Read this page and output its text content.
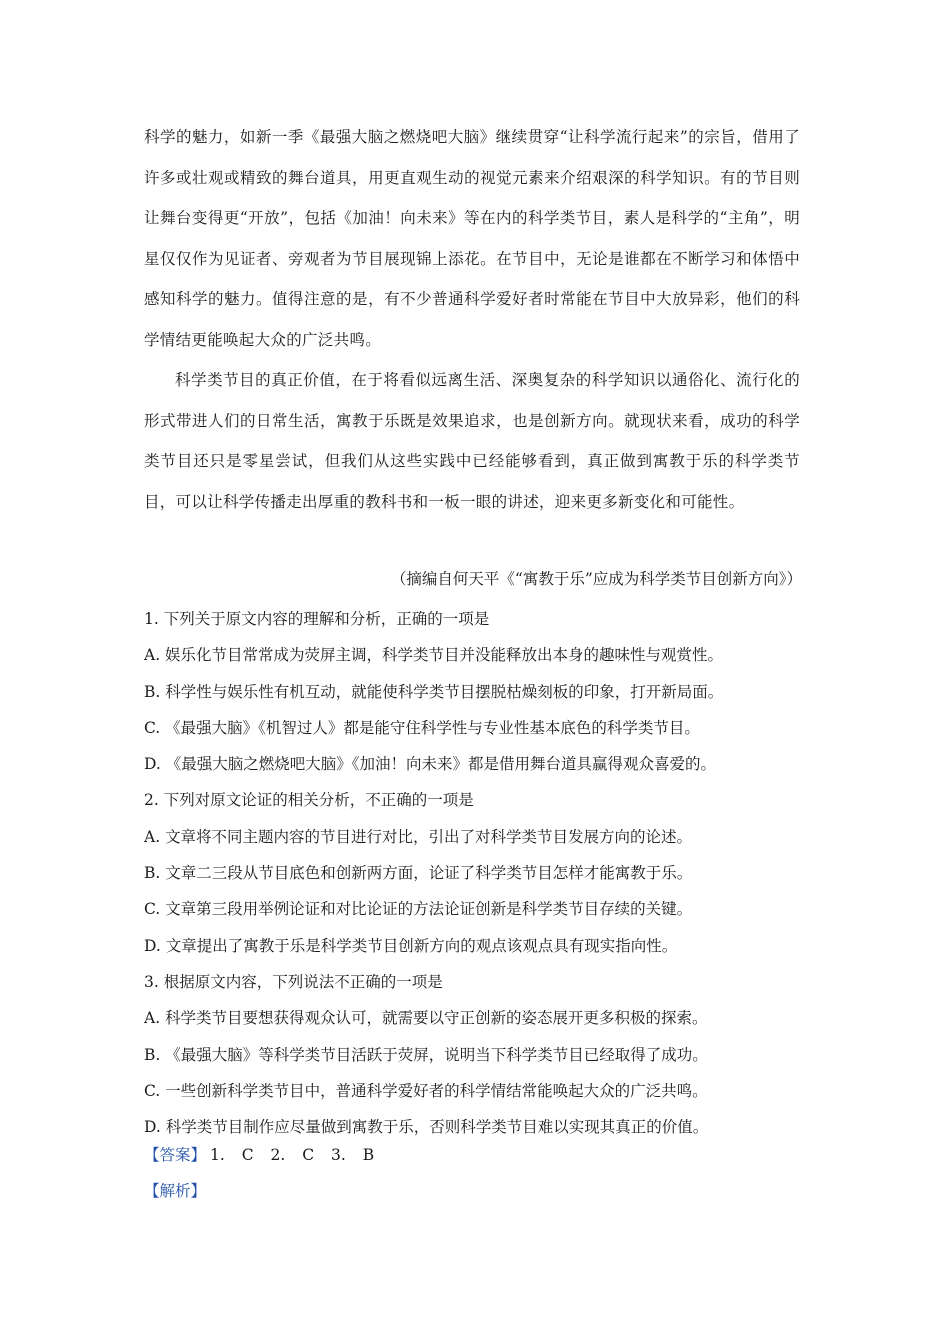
科学的魅力，如新一季《最强大脑之燃烧吧大脑》继续贯穿“让科学流行起来”的宗旨，借用了许多或壮观或精致的舞台道具，用更直观生动的视觉元素来介绍艰深的科学知识。有的节目则让舞台变得更“开放”，包括《加油！向未来》等在内的科学类节目，素人是科学的“主角”，明星仅仅作为见证者、旁观者为节目展现锦上添花。在节目中，无论是谁都在不断学习和体悟中感知科学的魅力。值得注意的是，有不少普通科学爱好者时常能在节目中大放异彩，他们的科学情结更能唤起大众的广泛共鸣。
科学类节目的真正价值，在于将看似远离生活、深奥复杂的科学知识以通俗化、流行化的形式带进人们的日常生活，寓教于乐既是效果追求，也是创新方向。就现状来看，成功的科学类节目还只是零星尝试，但我们从这些实践中已经能够看到，真正做到寓教于乐的科学类节目，可以让科学传播走出厚重的教科书和一板一眼的讲述，迎来更多新变化和可能性。
（摘编自何天平《“寓教于乐”应成为科学类节目创新方向》）
1. 下列关于原文内容的理解和分析，正确的一项是
A. 娱乐化节目常常成为荧屏主调，科学类节目并没能释放出本身的趣味性与观赏性。
B. 科学性与娱乐性有机互动，就能使科学类节目摆脱枯燥刻板的印象，打开新局面。
C. 《最强大脑》《机智过人》都是能守住科学性与专业性基本底色的科学类节目。
D. 《最强大脑之燃烧吧大脑》《加油！向未来》都是借用舞台道具赢得观众喜爱的。
2. 下列对原文论证的相关分析，不正确的一项是
A. 文章将不同主题内容的节目进行对比，引出了对科学类节目发展方向的论述。
B. 文章二三段从节目底色和创新两方面，论证了科学类节目怎样才能寓教于乐。
C. 文章第三段用举例论证和对比论证的方法论证创新是科学类节目存续的关键。
D. 文章提出了寓教于乐是科学类节目创新方向的观点该观点具有现实指向性。
3. 根据原文内容，下列说法不正确的一项是
A. 科学类节目要想获得观众认可，就需要以守正创新的姿态展开更多积极的探索。
B. 《最强大脑》等科学类节目活跃于荧屏，说明当下科学类节目已经取得了成功。
C. 一些创新科学类节目中，普通科学爱好者的科学情结常能唤起大众的广泛共鸣。
D. 科学类节目制作应尽量做到寓教于乐，否则科学类节目难以实现其真正的价值。
【答案】 1. C 2. C 3. B
【解析】
